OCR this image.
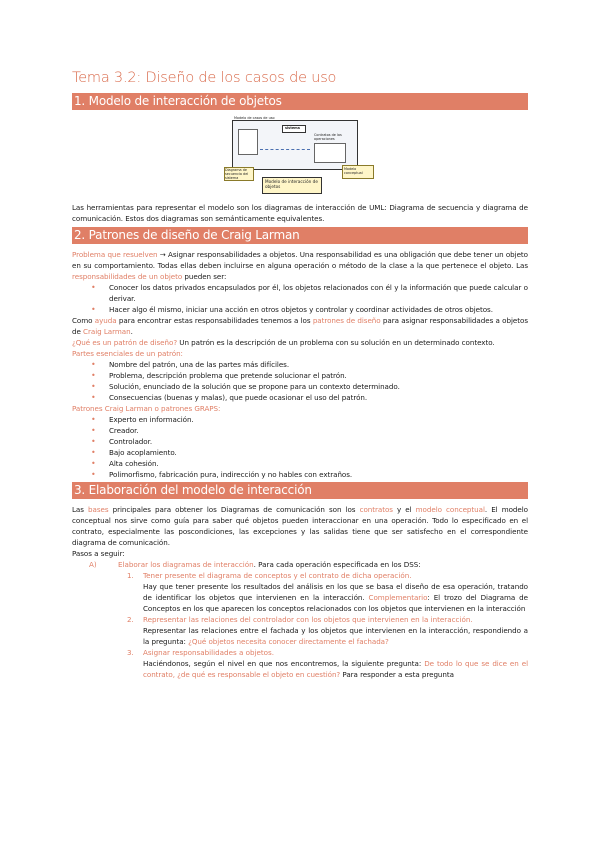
Tema 3.2: Diseño de los casos de uso
1. Modelo de interacción de objetos
Modelo de casos de uso
sistema
Contratos de las operaciones
Diagrama de secuencia del sistema
Modelo conceptual
Modelo de interacción de objetos

Las herramientas para representar el modelo son los diagramas de interacción de UML: Diagrama de secuencia y diagrama de comunicación. Estos dos diagramas son semánticamente equivalentes.

2. Patrones de diseño de Craig Larman

Problema que resuelven → Asignar responsabilidades a objetos. Una responsabilidad es una obligación que debe tener un objeto en su comportamiento. Todas ellas deben incluirse en alguna operación o método de la clase a la que pertenece el objeto. Las responsabilidades de un objeto pueden ser:

• Conocer los datos privados encapsulados por él, los objetos relacionados con él y la información que puede calcular o derivar.
• Hacer algo él mismo, iniciar una acción en otros objetos y controlar y coordinar actividades de otros objetos.

Como ayuda para encontrar estas responsabilidades tenemos a los patrones de diseño para asignar responsabilidades a objetos de Craig Larman.

¿Qué es un patrón de diseño? Un patrón es la descripción de un problema con su solución en un determinado contexto.

Partes esenciales de un patrón:

• Nombre del patrón, una de las partes más difíciles.
• Problema, descripción problema que pretende solucionar el patrón.
• Solución, enunciado de la solución que se propone para un contexto determinado.
• Consecuencias (buenas y malas), que puede ocasionar el uso del patrón.

Patrones Craig Larman o patrones GRAPS:

• Experto en información.
• Creador.
• Controlador.
• Bajo acoplamiento.
• Alta cohesión.
• Polimorfismo, fabricación pura, indirección y no hables con extraños.
3. Elaboración del modelo de interacción

Las bases principales para obtener los Diagramas de comunicación son los contratos y el modelo conceptual. El modelo conceptual nos sirve como guía para saber qué objetos pueden interaccionar en una operación. Todo lo especificado en el contrato, especialmente las poscondiciones, las excepciones y las salidas tiene que ser satisfecho en el correspondiente diagrama de comunicación.

Pasos a seguir:

A)	Elaborar los diagramas de interacción. Para cada operación especificada en los DSS:
1. Tener presente el diagrama de conceptos y el contrato de dicha operación.
Hay que tener presente los resultados del análisis en los que se basa el diseño de esa operación, tratando de identificar los objetos que intervienen en la interacción. Complementario: El trozo del Diagrama de Conceptos en los que aparecen los conceptos relacionados con los objetos que intervienen en la interacción
2. Representar las relaciones del controlador con los objetos que intervienen en la interacción.
Representar las relaciones entre el fachada y los objetos que intervienen en la interacción, respondiendo a la pregunta: ¿Qué objetos necesita conocer directamente el fachada?
3. Asignar responsabilidades a objetos.
Haciéndonos, según el nivel en que nos encontremos, la siguiente pregunta: De todo lo que se dice en el contrato, ¿de qué es responsable el objeto en cuestión? Para responder a esta pregunta
